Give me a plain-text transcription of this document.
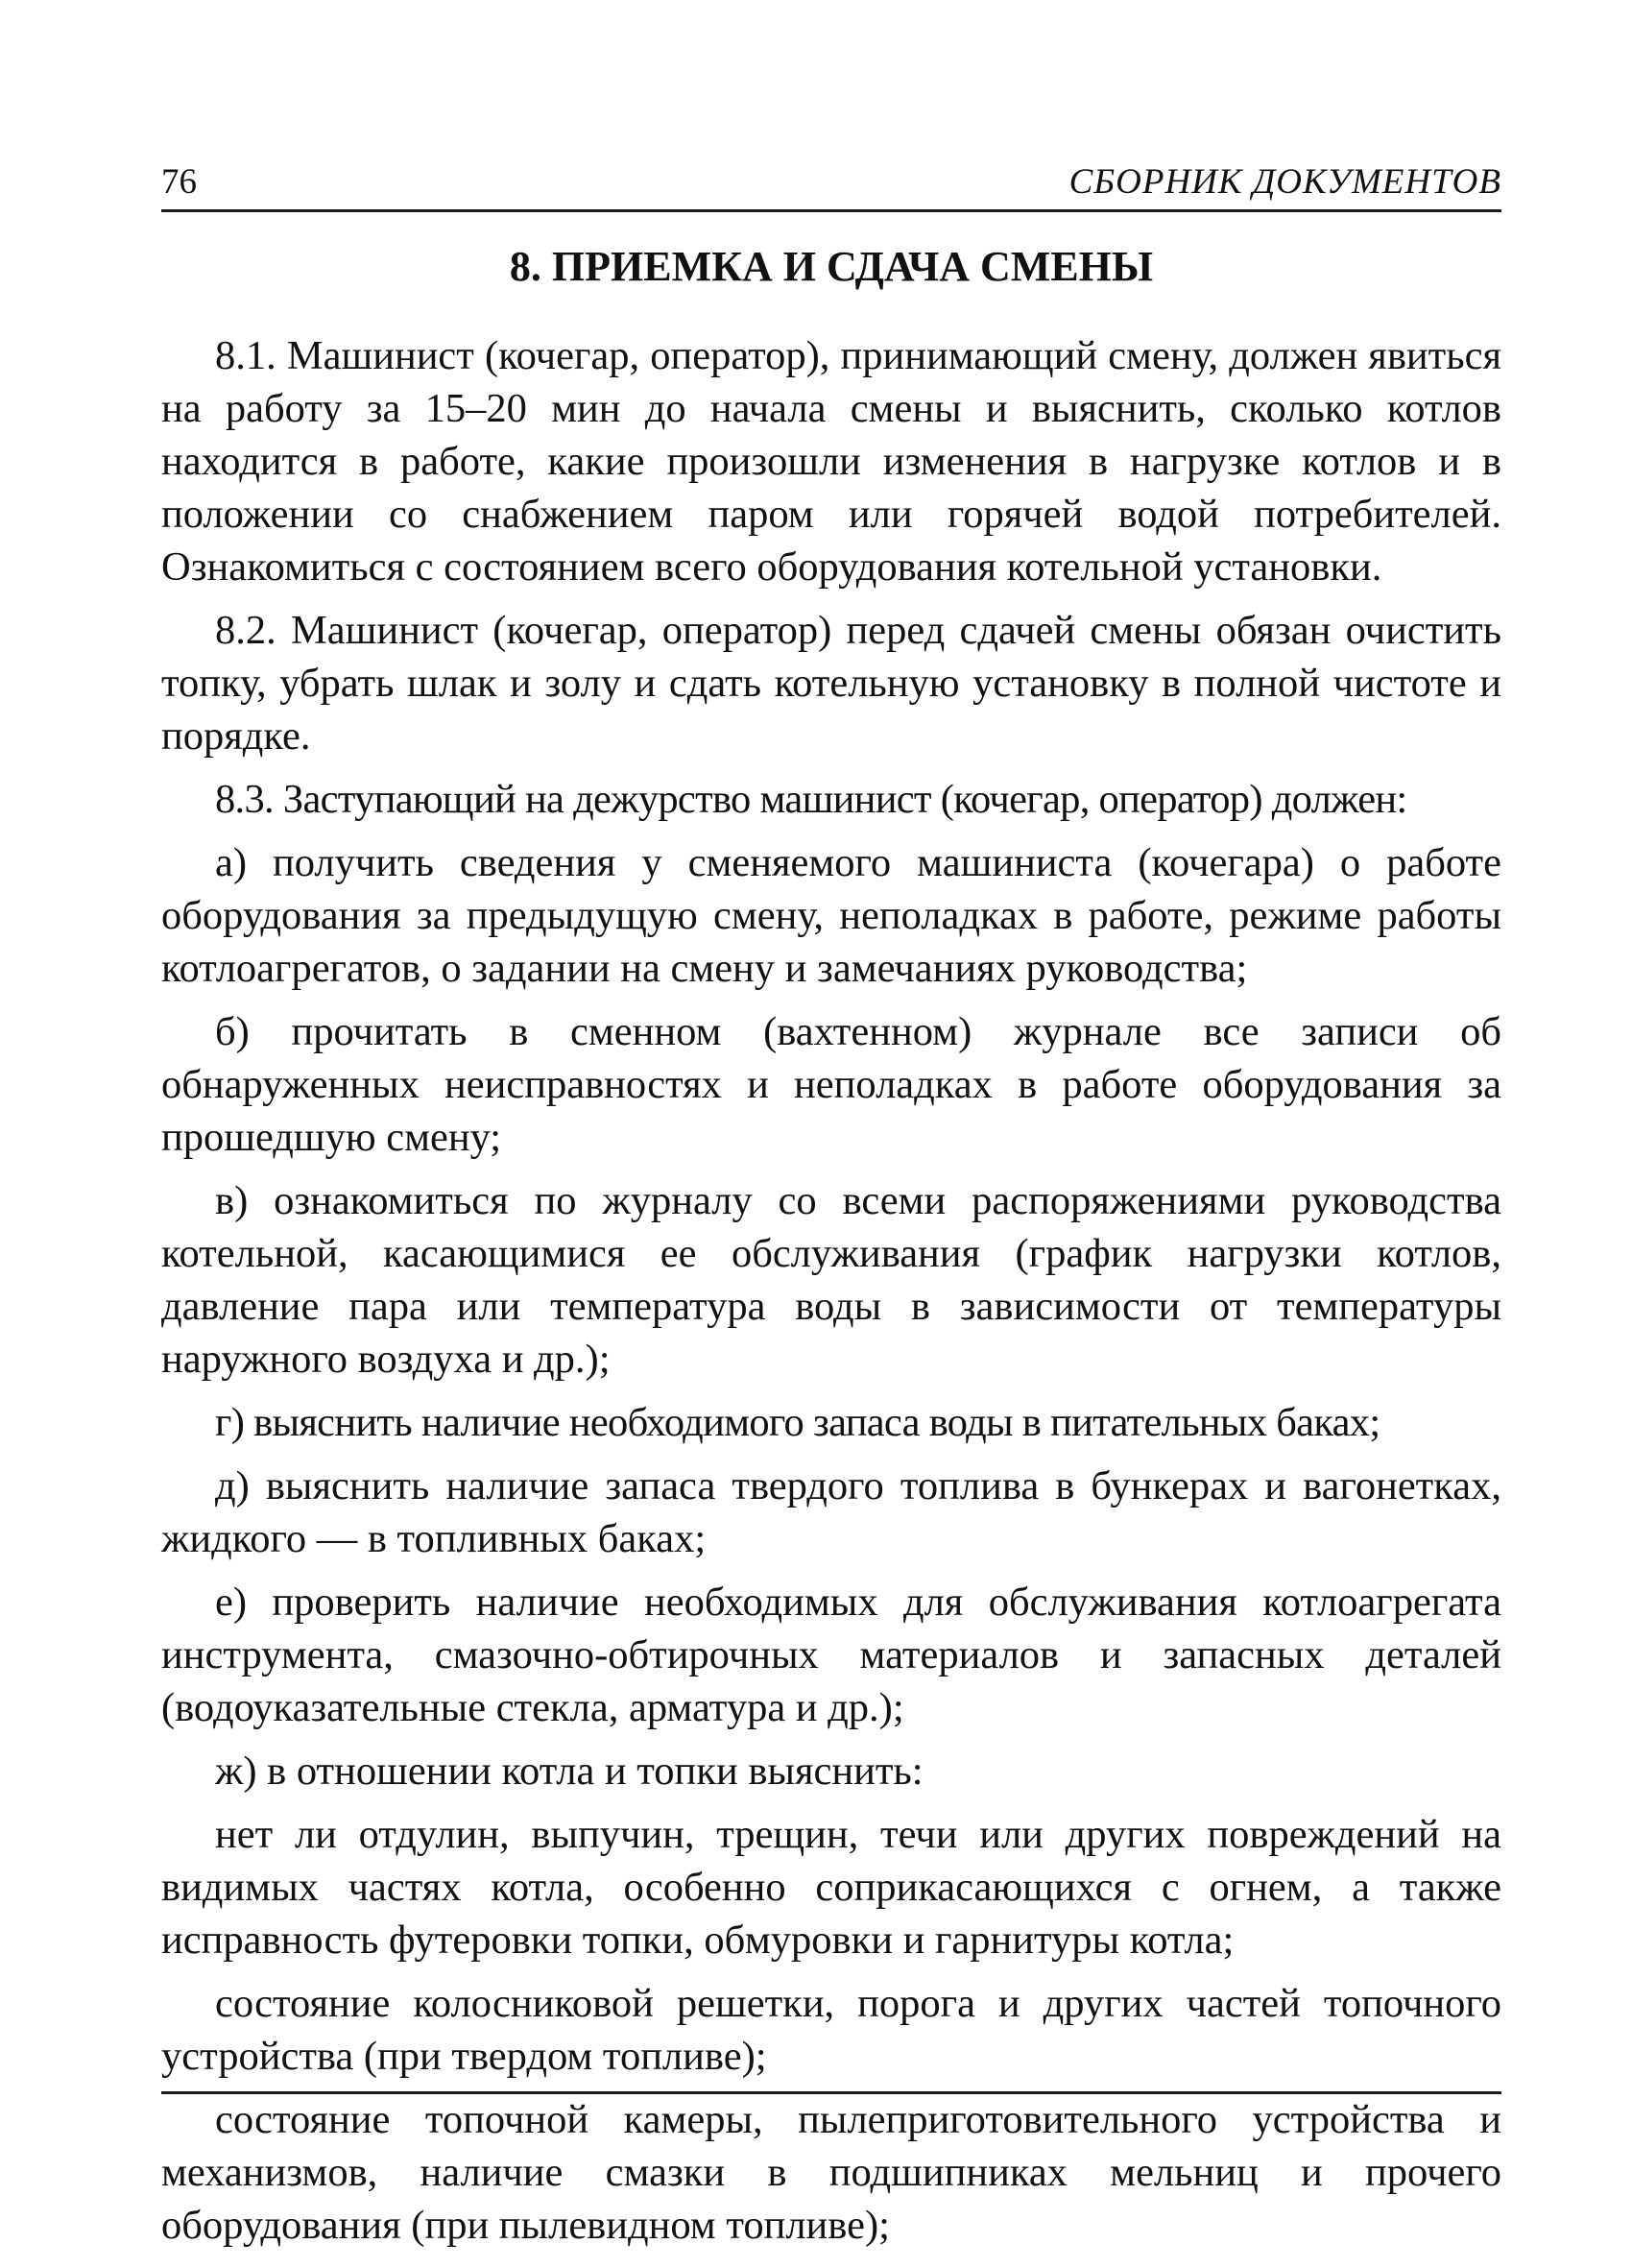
76	СБОРНИК ДОКУМЕНТОВ
8. ПРИЕМКА И СДАЧА СМЕНЫ

8.1. Машинист (кочегар, оператор), принимающий смену, должен явиться на работу за 15–20 мин до начала смены и выяснить, сколько котлов находится в работе, какие произошли изменения в нагрузке котлов и в положении со снабжением паром или горячей водой потребителей. Ознакомиться с состоянием всего оборудования котельной установки.

8.2. Машинист (кочегар, оператор) перед сдачей смены обязан очистить топку, убрать шлак и золу и сдать котельную установку в полной чистоте и порядке.

8.3. Заступающий на дежурство машинист (кочегар, оператор) должен:

а) получить сведения у сменяемого машиниста (кочегара) о работе оборудования за предыдущую смену, неполадках в работе, режиме работы котлоагрегатов, о задании на смену и замечаниях руководства;

б) прочитать в сменном (вахтенном) журнале все записи об обнаруженных неисправностях и неполадках в работе оборудования за прошедшую смену;

в) ознакомиться по журналу со всеми распоряжениями руководства котельной, касающимися ее обслуживания (график нагрузки котлов, давление пара или температура воды в зависимости от температуры наружного воздуха и др.);

г) выяснить наличие необходимого запаса воды в питательных баках;

д) выяснить наличие запаса твердого топлива в бункерах и вагонетках, жидкого — в топливных баках;

е) проверить наличие необходимых для обслуживания котлоагрегата инструмента, смазочно-обтирочных материалов и запасных деталей (водоуказательные стекла, арматура и др.);

ж) в отношении котла и топки выяснить:

нет ли отдулин, выпучин, трещин, течи или других повреждений на видимых частях котла, особенно соприкасающихся с огнем, а также исправность футеровки топки, обмуровки и гарнитуры котла;

состояние колосниковой решетки, порога и других частей топочного устройства (при твердом топливе);

состояние топочной камеры, пылеприготовительного устройства и механизмов, наличие смазки в подшипниках мельниц и прочего оборудования (при пылевидном топливе);
